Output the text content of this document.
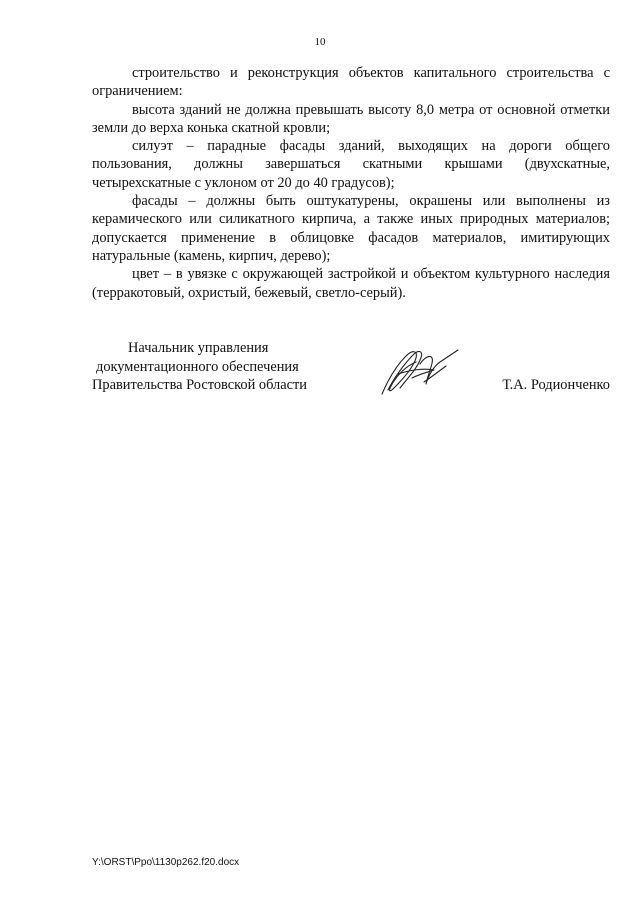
10

строительство и реконструкция объектов капитального строительства с ограничением:

высота зданий не должна превышать высоту 8,0 метра от основной отметки земли до верха конька скатной кровли;

силуэт – парадные фасады зданий, выходящих на дороги общего пользования, должны завершаться скатными крышами (двухскатные, четырехскатные с уклоном от 20 до 40 градусов);

фасады – должны быть оштукатурены, окрашены или выполнены из керамического или силикатного кирпича, а также иных природных материалов; допускается применение в облицовке фасадов материалов, имитирующих натуральные (камень, кирпич, дерево);

цвет – в увязке с окружающей застройкой и объектом культурного наследия (терракотовый, охристый, бежевый, светло-серый).

Начальник управления
документационного обеспечения
Правительства Ростовской области	Т.А. Родионченко
Y:\ORST\Ppo\1130p262.f20.docx
